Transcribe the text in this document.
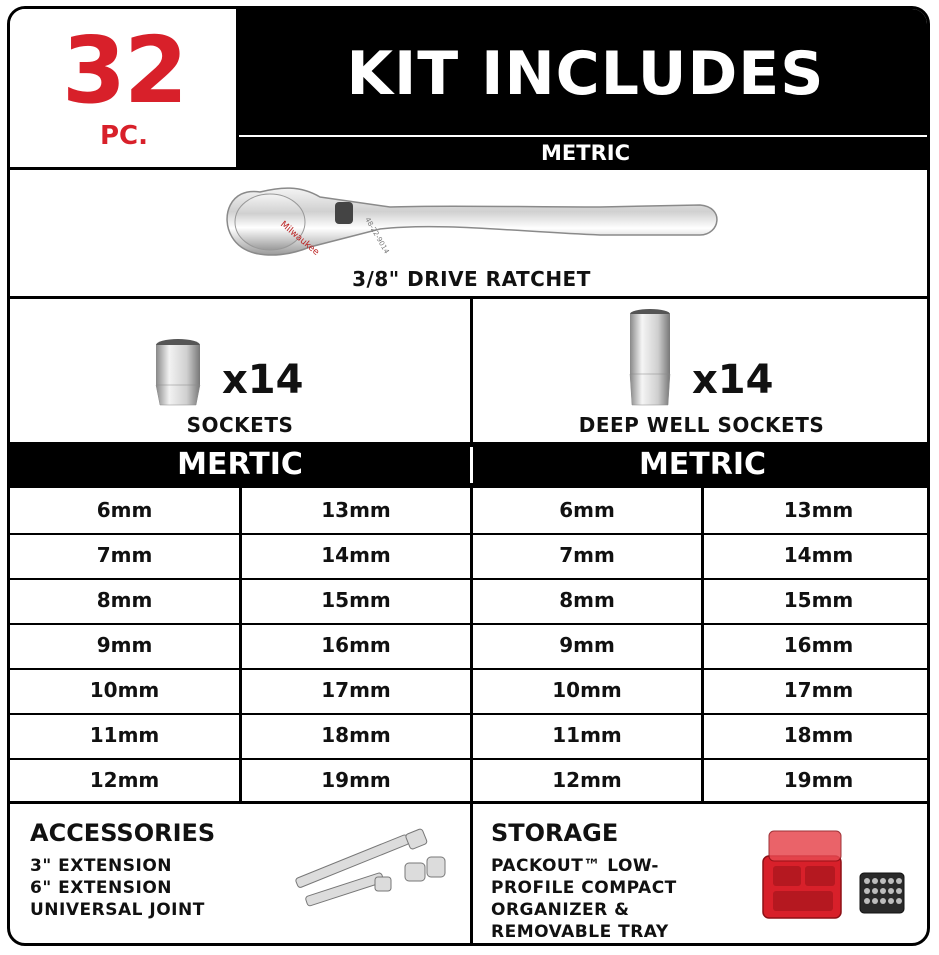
32
PC.
KIT INCLUDES
METRIC
Milwaukee	48-22-9014
3/8" DRIVE RATCHET
x14
SOCKETS
x14
DEEP WELL SOCKETS
MERTIC	METRIC
6mm
7mm
8mm
9mm
10mm
11mm
12mm
13mm
14mm
15mm
16mm
17mm
18mm
19mm
6mm
7mm
8mm
9mm
10mm
11mm
12mm
13mm
14mm
15mm
16mm
17mm
18mm
19mm
ACCESSORIES
3" EXTENSION
6" EXTENSION
UNIVERSAL JOINT
STORAGE
PACKOUT™ LOW-
PROFILE COMPACT
ORGANIZER &
REMOVABLE TRAY
